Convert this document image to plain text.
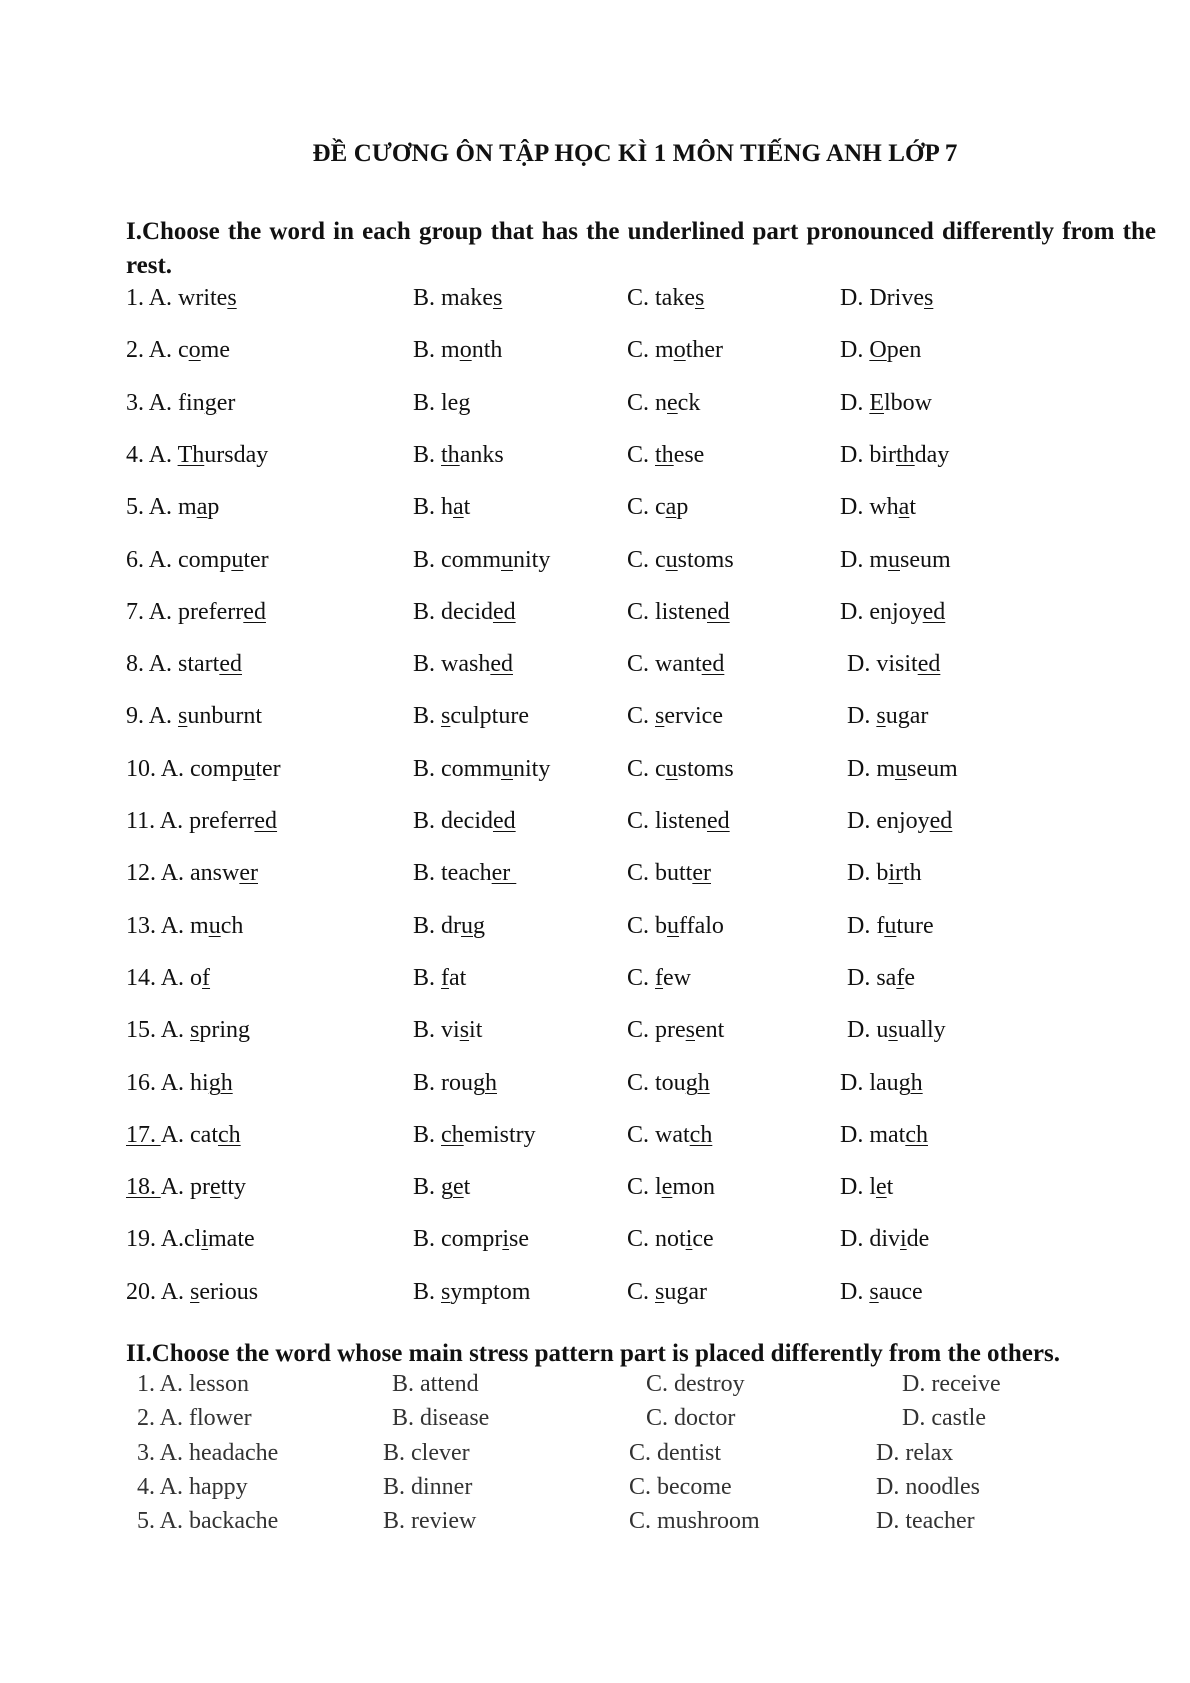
ĐỀ CƯƠNG ÔN TẬP HỌC KÌ 1 MÔN TIẾNG ANH LỚP 7
I.Choose the word in each group that has the underlined part pronounced differently from the rest.
1. A. writes	B. makes	C. takes	D. Drives
2. A. come	B. month	C. mother	D. Open
3. A. finger	B. leg	C. neck	D. Elbow
4. A. Thursday	B. thanks	C. these	D. birthday
5. A. map	B. hat	C. cap	D. what
6. A. computer	B. community	C. customs	D. museum
7. A. preferred	B. decided	C. listened	D. enjoyed
8. A. started	B. washed	C. wanted	D. visited
9. A. sunburnt	B. sculpture	C. service	D. sugar
10. A. computer	B. community	C. customs	D. museum
11. A. preferred	B. decided	C. listened	D. enjoyed
12. A. answer	B. teacher	C. butter	D. birth
13. A. much	B. drug	C. buffalo	D. future
14. A. of	B. fat	C. few	D. safe
15. A. spring	B. visit	C. present	D. usually
16. A. high	B. rough	C. tough	D. laugh
17. A. catch	B. chemistry	C. watch	D. match
18. A. pretty	B. get	C. lemon	D. let
19. A.climate	B. comprise	C. notice	D. divide
20. A. serious	B. symptom	C. sugar	D. sauce
II.Choose the word whose main stress pattern part is placed differently from the others.
1. A. lesson	B. attend	C. destroy	D. receive
2. A. flower	B. disease	C. doctor	D. castle
3. A. headache	B. clever	C. dentist	D. relax
4. A. happy	B. dinner	C. become	D. noodles
5. A. backache	B. review	C. mushroom	D. teacher
